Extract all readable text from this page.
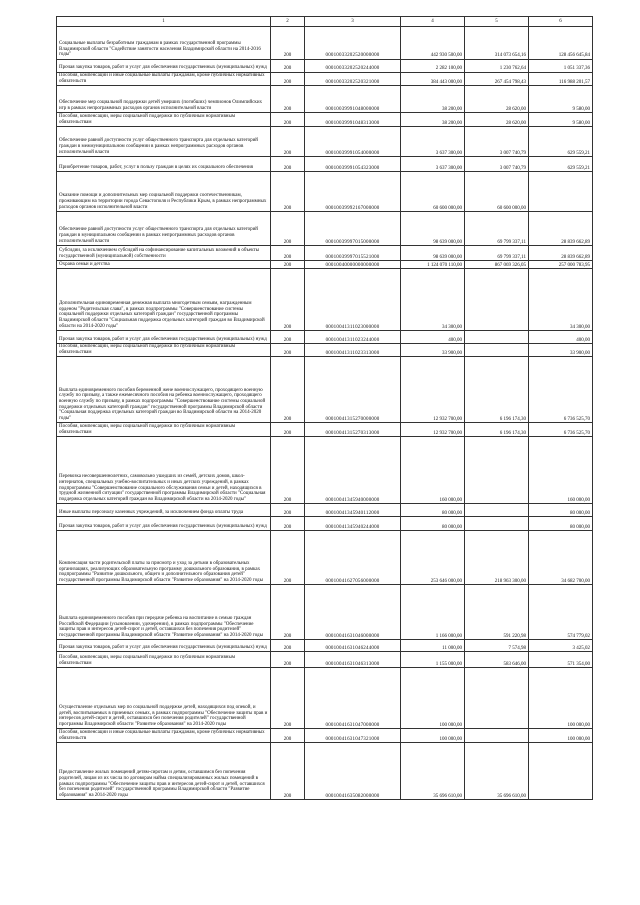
1	2	3	4	5	6
Социальные выплаты безработным гражданам в рамках государственной программы Владимирской области "Содействие занятости населения Владимирской области на 2014-2016 годы"	200	00010033202520000000	442 930 500,00	314 073 654,16	128 456 645,84
Прочая закупка товаров, работ и услуг для обеспечения государственных (муниципальных) нужд	200	00010033202520244000	2 282 100,00	1 230 762,64	1 051 337,36
Пособия, компенсации и иные социальные выплаты гражданам, кроме публичных нормативных обязательств	200	00010033202520321000	384 443 000,00	267 454 798,43	116 988 201,57
Обеспечение мер социальной поддержки детей умерших (погибших) чемпионов Олимпийских игр в рамках непрограммных расходов органов исполнительной власти	200	00010039991048000000	38 200,00	28 620,00	9 580,00
Пособия, компенсации, меры социальной поддержки по публичным нормативным обязательствам	200	00010039991048313000	38 200,00	28 620,00	9 580,00
Обеспечение равной доступности услуг общественного транспорта для отдельных категорий граждан в межмуниципальном сообщении в рамках непрограммных расходов органов исполнительной власти	200	00010039991054000000	3 637 300,00	3 007 740,79	629 559,21
Приобретение товаров, работ, услуг в пользу граждан в целях их социального обеспечения	200	00010039991054323000	3 637 300,00	3 007 740,79	629 559,21
Оказание помощи и дополнительных мер социальной поддержки соотечественникам, проживающим на территории города Севастополя и Республики Крым, в рамках непрограммных расходов органов исполнительной власти	200	00010039992167000000	60 600 000,00	60 600 000,00	
Обеспечение равной доступности услуг общественного транспорта для отдельных категорий граждан в муниципальном сообщении в рамках непрограммных расходов органов исполнительной власти	200	00010039997015000000	98 639 000,00	69 799 337,11	28 839 662,89
Субсидии, за исключением субсидий на софинансирование капитальных вложений в объекты государственной (муниципальной) собственности	200	00010039997015521000	98 639 000,00	69 799 337,11	28 839 662,89
Охрана семьи и детства	200	00010040000000000000	1 124 070 110,00	867 069 326,05	257 000 783,95
Дополнительная единовременная денежная выплата многодетным семьям, награжденным орденом "Родительская слава", в рамках подпрограммы "Совершенствование системы социальной поддержки отдельных категорий граждан" государственной программы Владимирской области "Социальная поддержка отдельных категорий граждан во Владимирской области на 2014-2020 годы"	200	00010041311023000000	34 300,00		34 300,00
Прочая закупка товаров, работ и услуг для обеспечения государственных (муниципальных) нужд	200	00010041311023244000	400,00		400,00
Пособия, компенсации, меры социальной поддержки по публичным нормативным обязательствам	200	00010041311023313000	33 900,00		33 900,00
Выплата единовременного пособия беременной жене военнослужащего, проходящего военную службу по призыву, а также ежемесячного пособия на ребенка военнослужащего, проходящего военную службу по призыву, в рамках подпрограммы "Совершенствование системы социальной поддержки отдельных категорий граждан" государственной программы Владимирской области "Социальная поддержка отдельных категорий граждан во Владимирской области на 2014-2020 годы"	200	00010041315270000000	12 932 700,00	6 196 174,30	6 736 525,70
Пособия, компенсации, меры социальной поддержки по публичным нормативным обязательствам	200	00010041315270313000	12 932 700,00	6 196 174,30	6 736 525,70
Перевозка несовершеннолетних, самовольно ушедших из семей, детских домов, школ-интернатов, специальных учебно-воспитательных и иных детских учреждений, в рамках подпрограммы "Совершенствование социального обслуживания семьи и детей, находящихся в трудной жизненной ситуации" государственной программы Владимирской области "Социальная поддержка отдельных категорий граждан во Владимирской области на 2014-2020 годы"	200	00010041345940000000	160 000,00		160 000,00
Иные выплаты персоналу казенных учреждений, за исключением фонда оплаты труда	200	00010041345940112000	80 000,00		80 000,00
Прочая закупка товаров, работ и услуг для обеспечения государственных (муниципальных) нужд	200	00010041345940244000	80 000,00		80 000,00
Компенсация части родительской платы за присмотр и уход за детьми в образовательных организациях, реализующих образовательную программу дошкольного образования, в рамках подпрограммы "Развитие дошкольного, общего и дополнительного образования детей" государственной программы Владимирской области "Развитие образования" на 2014-2020 годы	200	00010041627056000000	253 646 000,00	218 963 300,00	34 682 700,00
Выплата единовременного пособия при передаче ребенка на воспитание в семью граждан Российской Федерации (усыновлении, удочерении), в рамках подпрограммы "Обеспечение защиты прав и интересов детей-сирот и детей, оставшихся без попечения родителей" государственной программы Владимирской области "Развитие образования" на 2014-2020 годы	200	00010041631046000000	1 166 000,00	591 220,98	574 779,02
Прочая закупка товаров, работ и услуг для обеспечения государственных (муниципальных) нужд	200	00010041631046244000	11 000,00	7 574,98	3 425,02
Пособия, компенсации, меры социальной поддержки по публичным нормативным обязательствам	200	00010041631046313000	1 155 000,00	583 646,00	571 354,00
Осуществление отдельных мер по социальной поддержке детей, находящихся под опекой, и детей, воспитываемых в приемных семьях, в рамках подпрограммы "Обеспечение защиты прав и интересов детей-сирот и детей, оставшихся без попечения родителей" государственной программы Владимирской области "Развитие образования" на 2014-2020 годы	200	00010041631047000000	100 000,00		100 000,00
Пособия, компенсации и иные социальные выплаты гражданам, кроме публичных нормативных обязательств	200	00010041631047321000	100 000,00		100 000,00
Предоставление жилых помещений детям-сиротам и детям, оставшимся без попечения родителей, лицам из их числа по договорам найма специализированных жилых помещений в рамках подпрограммы "Обеспечение защиты прав и интересов детей-сирот и детей, оставшихся без попечения родителей" государственной программы Владимирской области "Развитие образования" на 2014-2020 годы	200	00010041635082000000	35 696 610,00	35 696 610,00	
